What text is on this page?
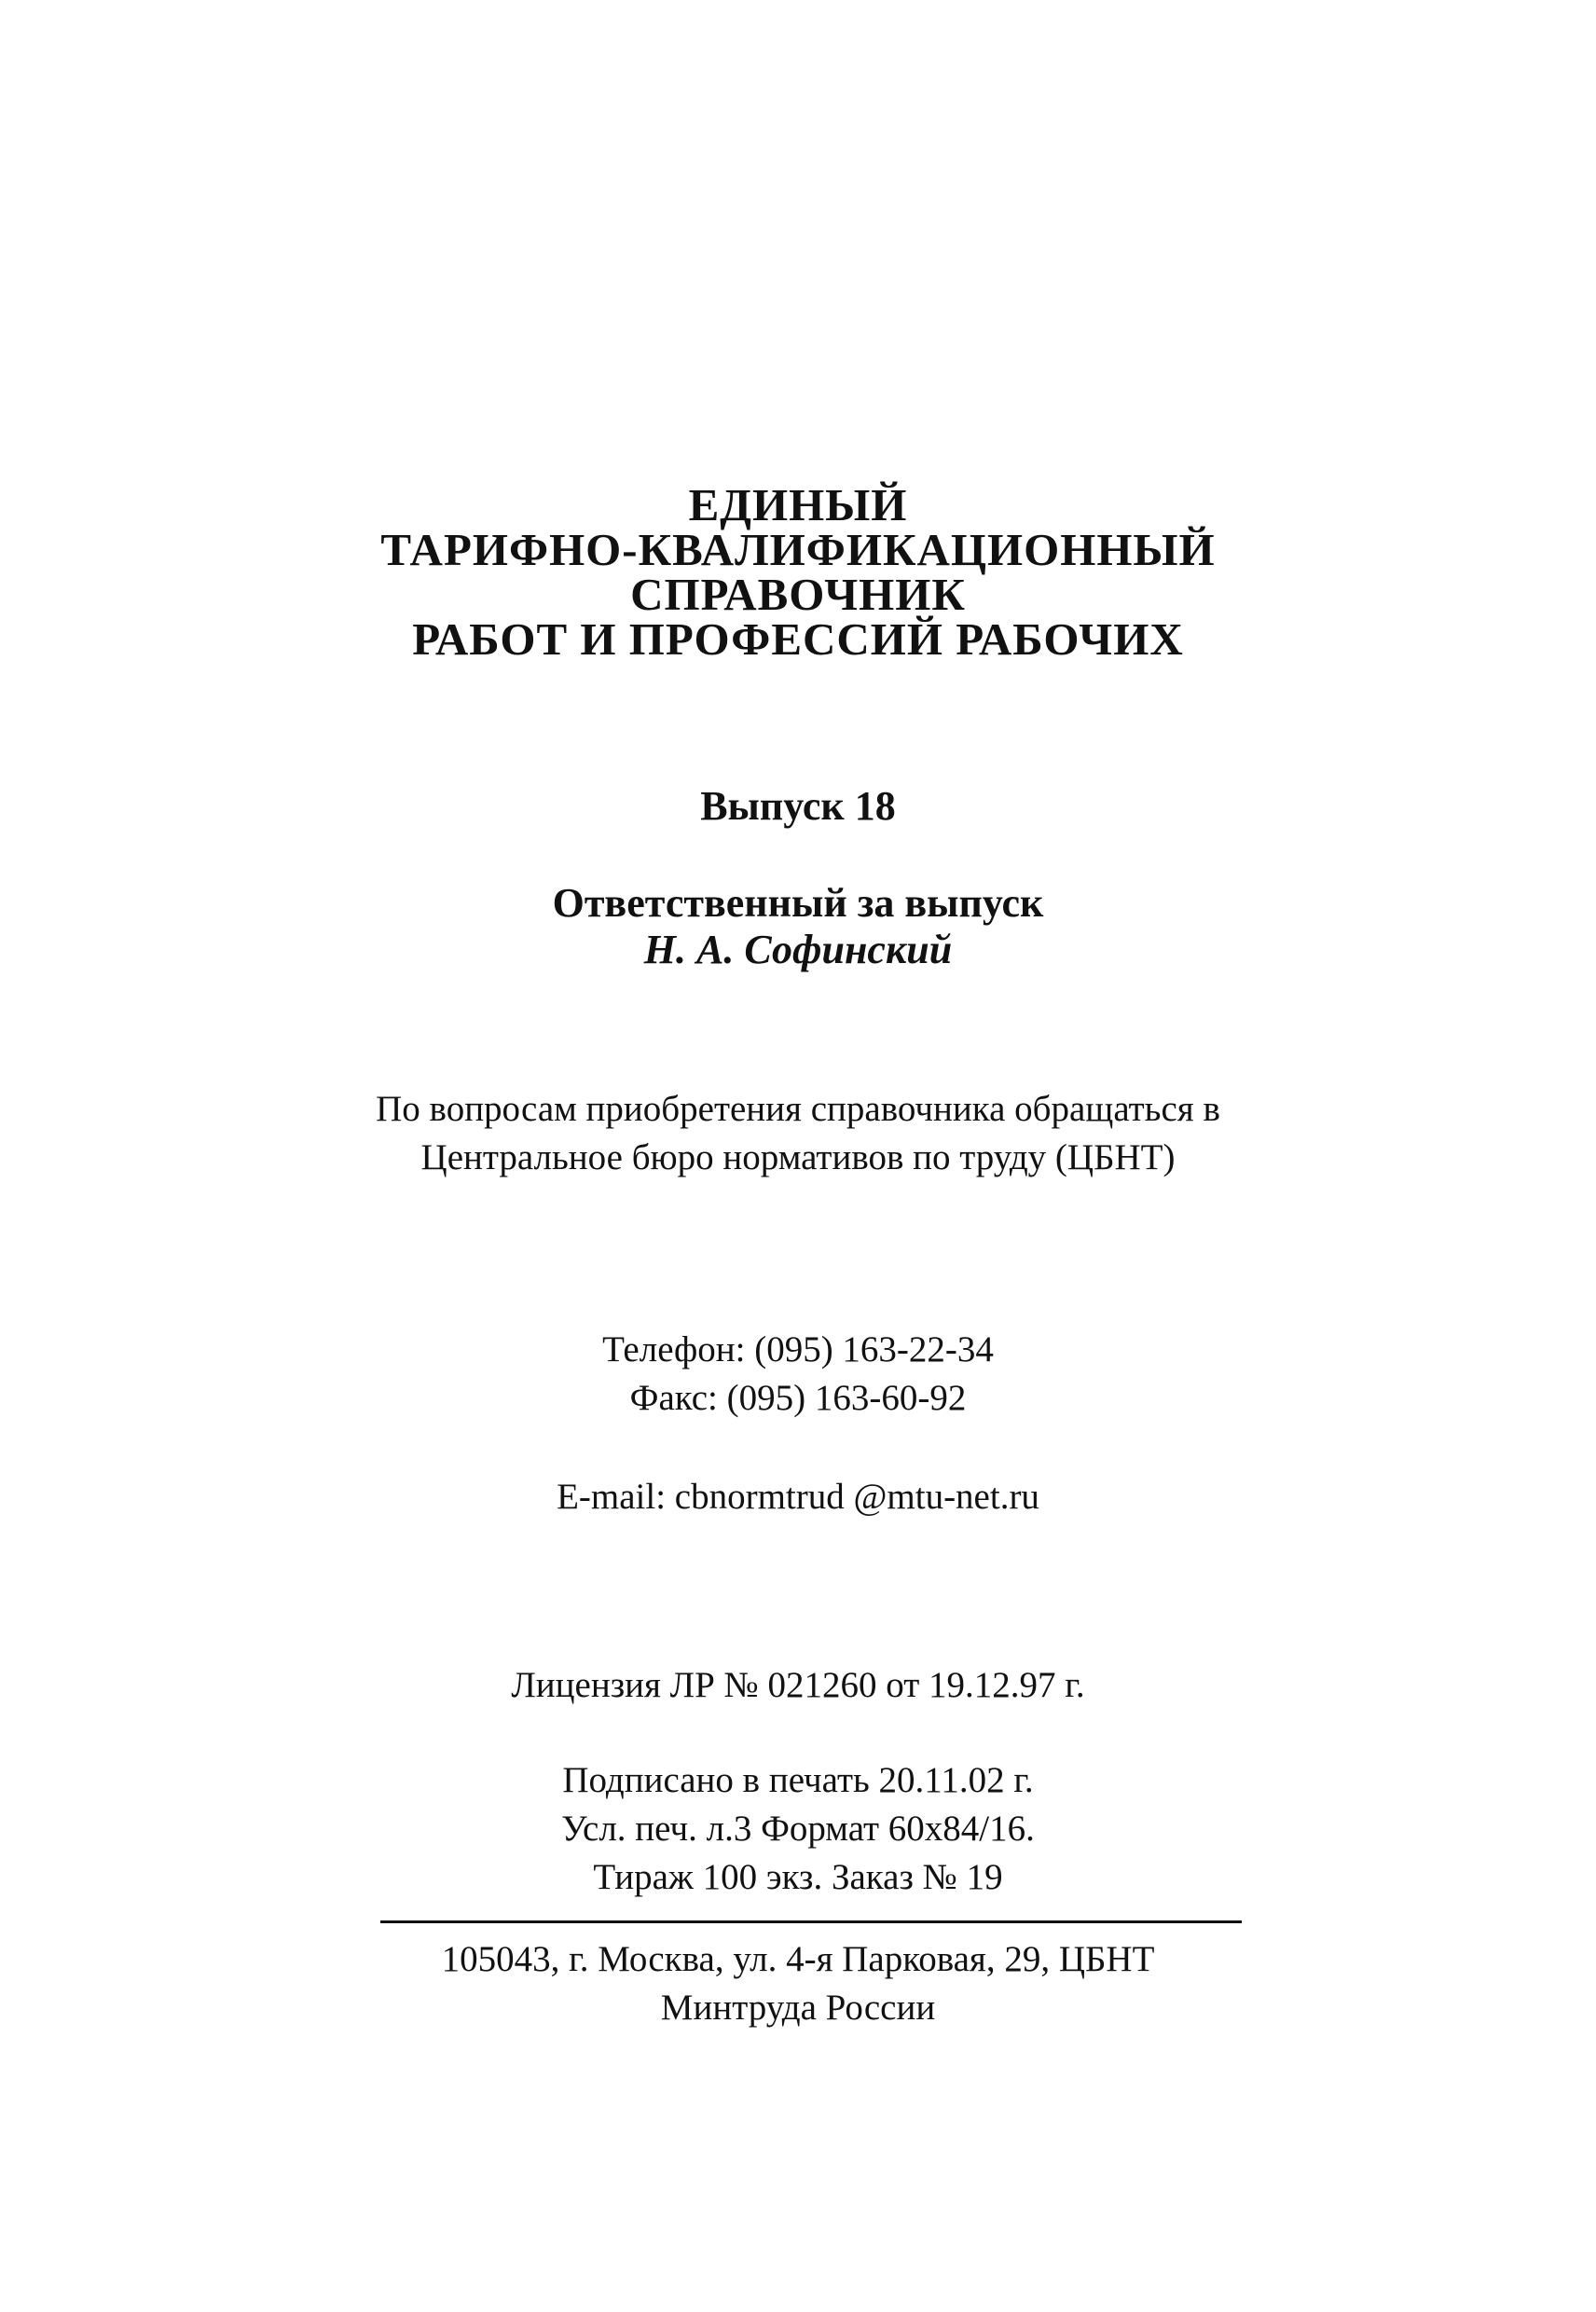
ЕДИНЫЙ
ТАРИФНО-КВАЛИФИКАЦИОННЫЙ
СПРАВОЧНИК
РАБОТ И ПРОФЕССИЙ РАБОЧИХ
Выпуск 18
Ответственный за выпуск
Н. А. Софинский
По вопросам приобретения справочника обращаться в
Центральное бюро нормативов по труду (ЦБНТ)
Телефон: (095) 163-22-34
Факс: (095) 163-60-92
E-mail: cbnormtrud @mtu-net.ru
Лицензия ЛР № 021260 от 19.12.97 г.
Подписано в печать 20.11.02 г.
Усл. печ. л.3 Формат 60х84/16.
Тираж 100 экз. Заказ № 19
105043, г. Москва, ул. 4-я Парковая, 29, ЦБНТ
Минтруда России
